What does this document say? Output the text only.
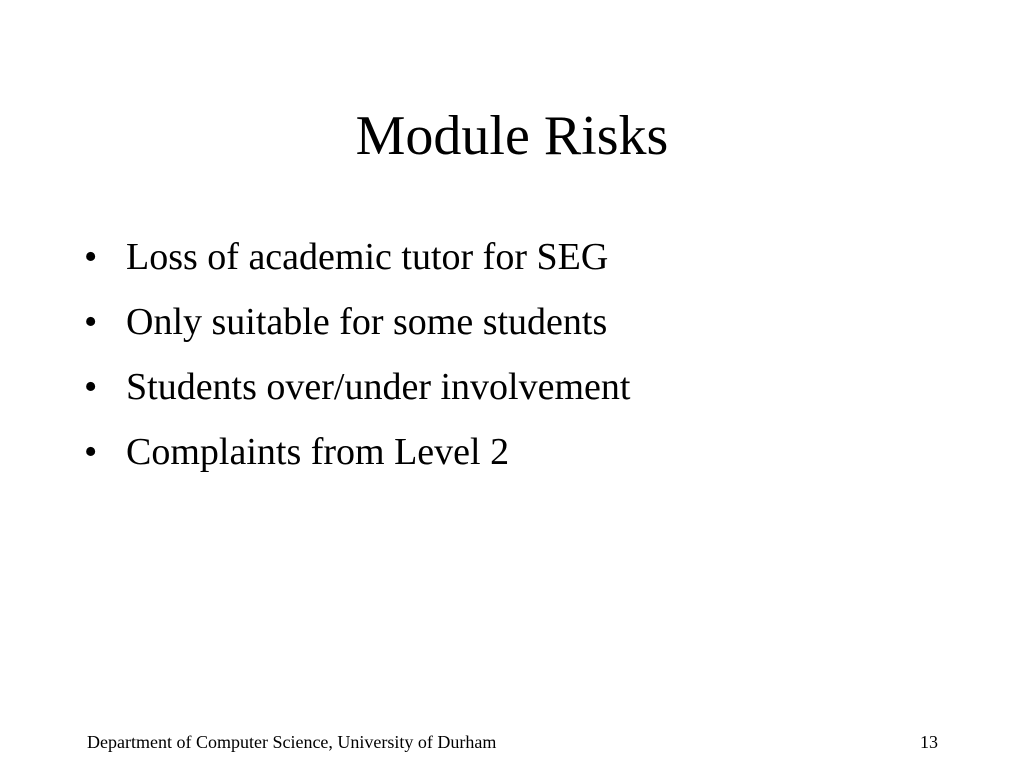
Module Risks
• Loss of academic tutor for SEG
• Only suitable for some students
• Students over/under involvement
• Complaints from Level 2
Department of Computer Science, University of Durham	13
